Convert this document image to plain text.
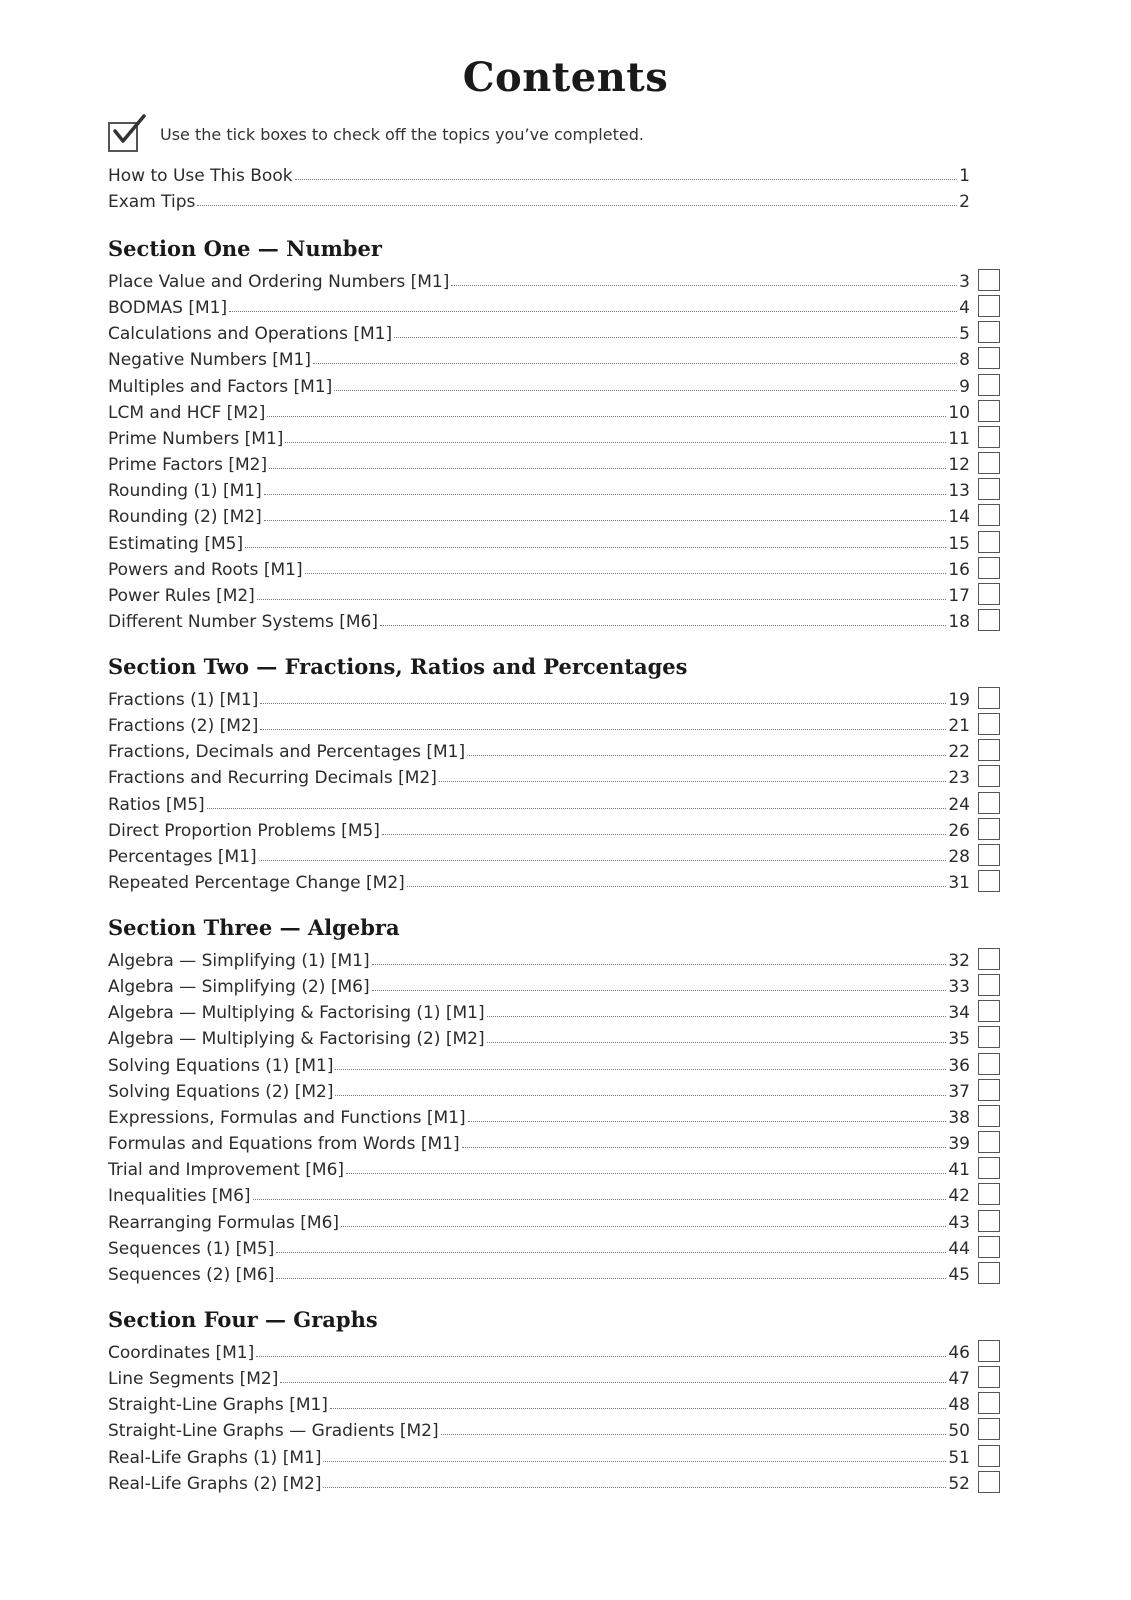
Contents
Use the tick boxes to check off the topics you’ve completed.
How to Use This Book	1
Exam Tips	2
Section One — Number
Place Value and Ordering Numbers [M1]	3
BODMAS [M1]	4
Calculations and Operations [M1]	5
Negative Numbers [M1]	8
Multiples and Factors [M1]	9
LCM and HCF [M2]	10
Prime Numbers [M1]	11
Prime Factors [M2]	12
Rounding (1) [M1]	13
Rounding (2) [M2]	14
Estimating [M5]	15
Powers and Roots [M1]	16
Power Rules [M2]	17
Different Number Systems [M6]	18
Section Two — Fractions, Ratios and Percentages
Fractions (1) [M1]	19
Fractions (2) [M2]	21
Fractions, Decimals and Percentages [M1]	22
Fractions and Recurring Decimals [M2]	23
Ratios [M5]	24
Direct Proportion Problems [M5]	26
Percentages [M1]	28
Repeated Percentage Change [M2]	31
Section Three — Algebra
Algebra — Simplifying (1) [M1]	32
Algebra — Simplifying (2) [M6]	33
Algebra — Multiplying & Factorising (1) [M1]	34
Algebra — Multiplying & Factorising (2) [M2]	35
Solving Equations (1) [M1]	36
Solving Equations (2) [M2]	37
Expressions, Formulas and Functions [M1]	38
Formulas and Equations from Words [M1]	39
Trial and Improvement [M6]	41
Inequalities [M6]	42
Rearranging Formulas [M6]	43
Sequences (1) [M5]	44
Sequences (2) [M6]	45
Section Four — Graphs
Coordinates [M1]	46
Line Segments [M2]	47
Straight-Line Graphs [M1]	48
Straight-Line Graphs — Gradients [M2]	50
Real-Life Graphs (1) [M1]	51
Real-Life Graphs (2) [M2]	52
